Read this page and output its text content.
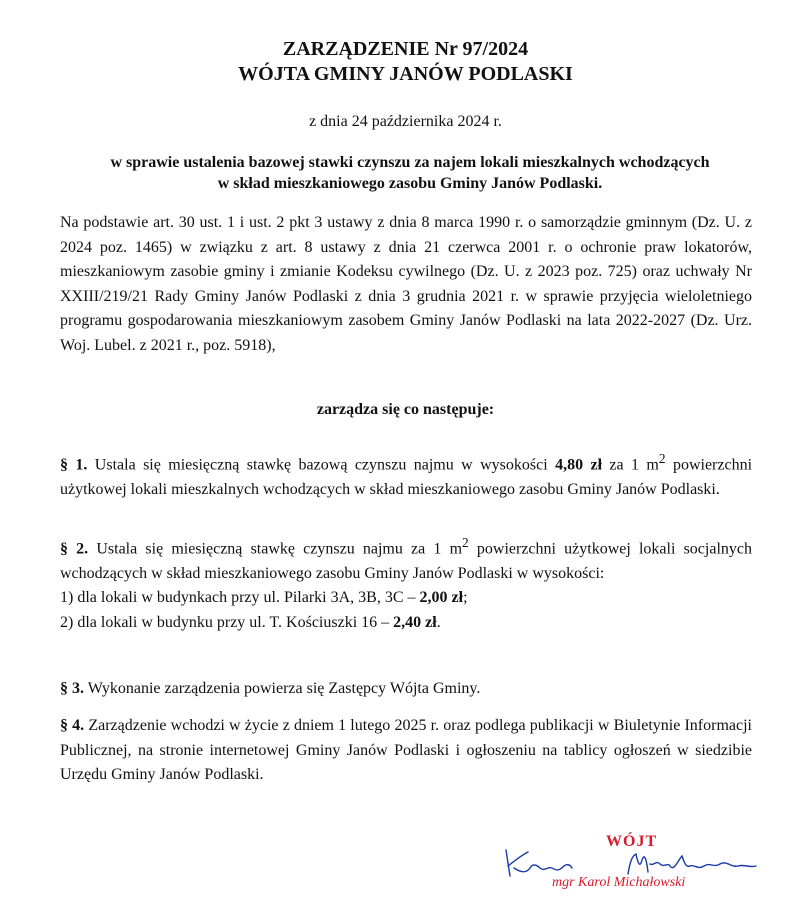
ZARZĄDZENIE Nr 97/2024
WÓJTA GMINY JANÓW PODLASKI
z dnia 24 października 2024 r.
w sprawie ustalenia bazowej stawki czynszu za najem lokali mieszkalnych wchodzących
w skład mieszkaniowego zasobu Gminy Janów Podlaski.
Na podstawie art. 30 ust. 1 i ust. 2 pkt 3 ustawy z dnia 8 marca 1990 r. o samorządzie gminnym (Dz. U. z 2024 poz. 1465) w związku z art. 8 ustawy z dnia 21 czerwca 2001 r. o ochronie praw lokatorów, mieszkaniowym zasobie gminy i zmianie Kodeksu cywilnego (Dz. U. z 2023 poz. 725) oraz uchwały Nr XXIII/219/21 Rady Gminy Janów Podlaski z dnia 3 grudnia 2021 r. w sprawie przyjęcia wieloletniego programu gospodarowania mieszkaniowym zasobem Gminy Janów Podlaski na lata 2022-2027 (Dz. Urz. Woj. Lubel. z 2021 r., poz. 5918),
zarządza się co następuje:
§ 1. Ustala się miesięczną stawkę bazową czynszu najmu w wysokości 4,80 zł za 1 $m^2$ powierzchni użytkowej lokali mieszkalnych wchodzących w skład mieszkaniowego zasobu Gminy Janów Podlaski.
§ 2. Ustala się miesięczną stawkę czynszu najmu za 1 $m^2$ powierzchni użytkowej lokali socjalnych wchodzących w skład mieszkaniowego zasobu Gminy Janów Podlaski w wysokości:
1) dla lokali w budynkach przy ul. Pilarki 3A, 3B, 3C – 2,00 zł;
2) dla lokali w budynku przy ul. T. Kościuszki 16 – 2,40 zł.
§ 3. Wykonanie zarządzenia powierza się Zastępcy Wójta Gminy.
§ 4. Zarządzenie wchodzi w życie z dniem 1 lutego 2025 r. oraz podlega publikacji w Biuletynie Informacji Publicznej, na stronie internetowej Gminy Janów Podlaski i ogłoszeniu na tablicy ogłoszeń w siedzibie Urzędu Gminy Janów Podlaski.
WÓJT
mgr Karol Michałowski
